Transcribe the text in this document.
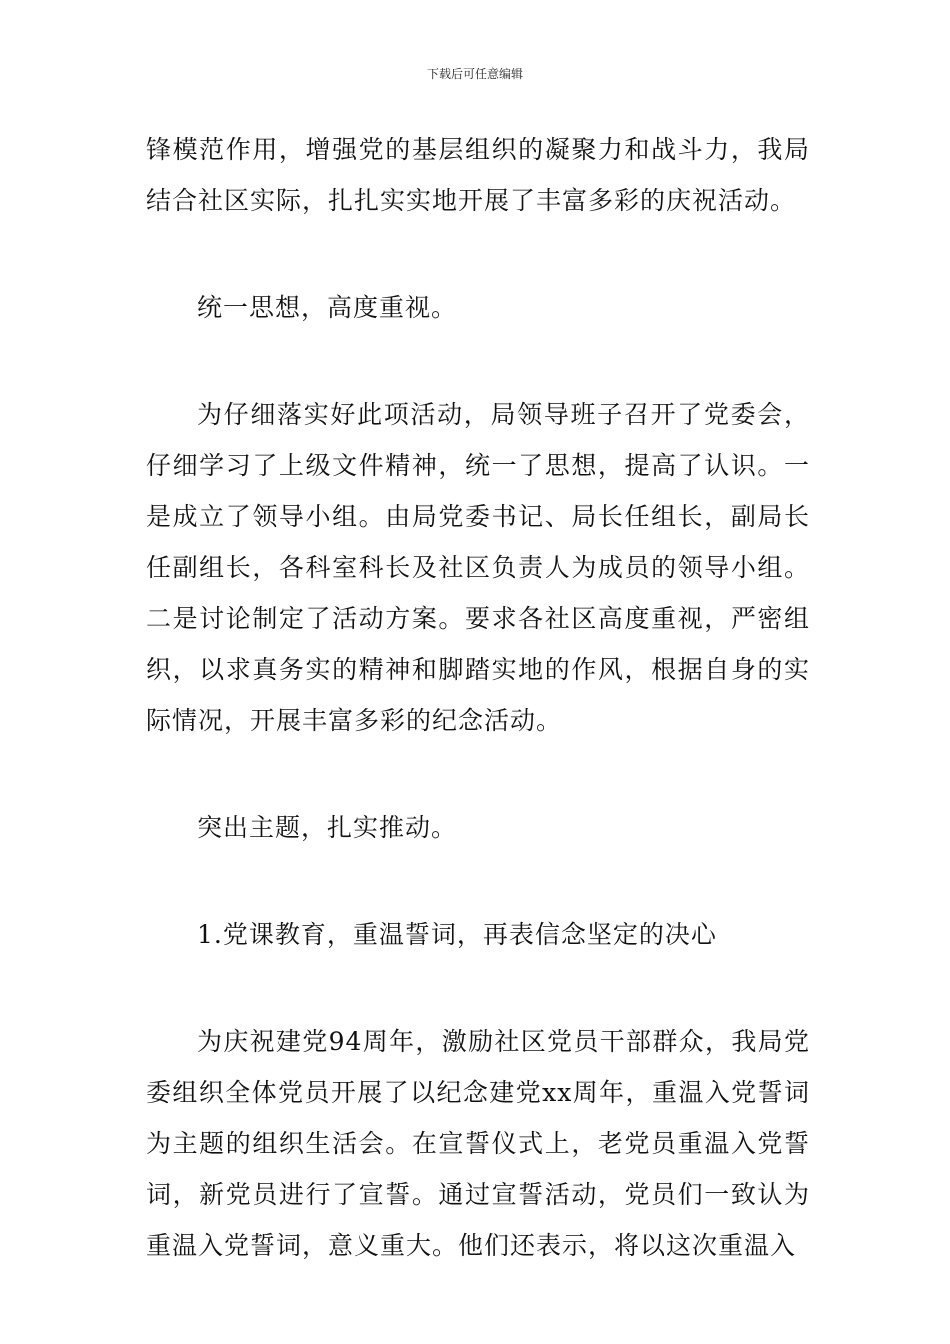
下载后可任意编辑

锋模范作用，增强党的基层组织的凝聚力和战斗力，我局结合社区实际，扎扎实实地开展了丰富多彩的庆祝活动。

统一思想，高度重视。

为仔细落实好此项活动，局领导班子召开了党委会，仔细学习了上级文件精神，统一了思想，提高了认识。一是成立了领导小组。由局党委书记、局长任组长，副局长任副组长，各科室科长及社区负责人为成员的领导小组。二是讨论制定了活动方案。要求各社区高度重视，严密组织，以求真务实的精神和脚踏实地的作风，根据自身的实际情况，开展丰富多彩的纪念活动。

突出主题，扎实推动。

1.党课教育，重温誓词，再表信念坚定的决心

为庆祝建党94周年，激励社区党员干部群众，我局党委组织全体党员开展了以纪念建党xx周年，重温入党誓词为主题的组织生活会。在宣誓仪式上，老党员重温入党誓词，新党员进行了宣誓。通过宣誓活动，党员们一致认为重温入党誓词，意义重大。他们还表示，将以这次重温入
